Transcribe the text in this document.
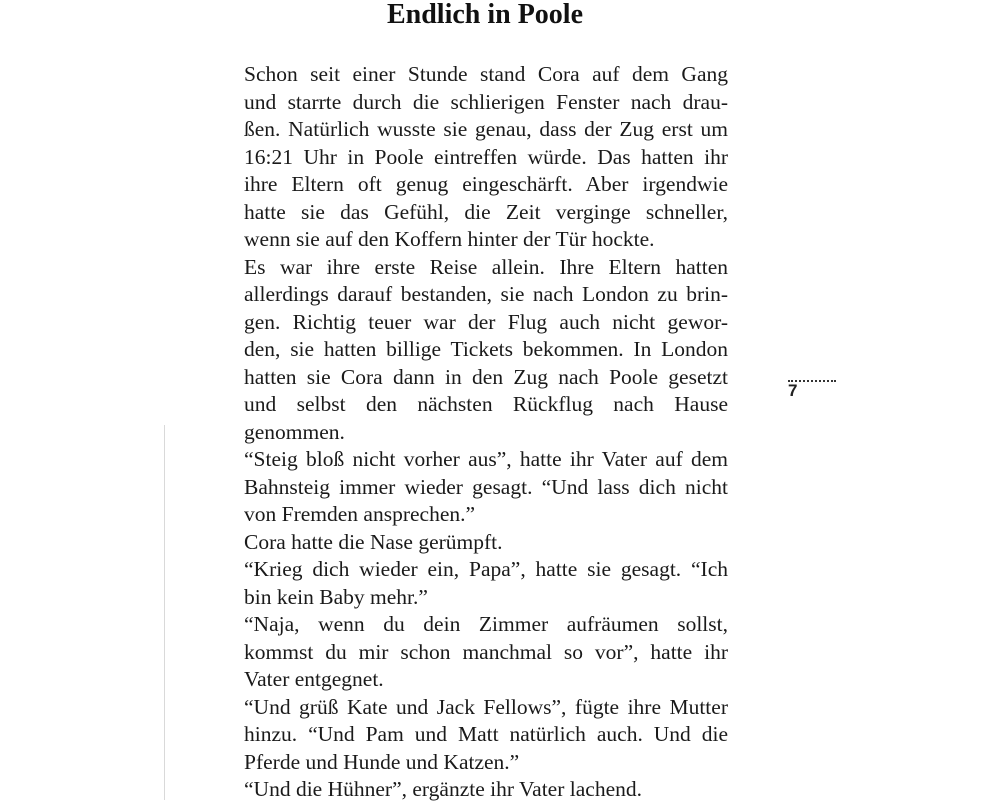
Endlich in Poole
Schon seit einer Stunde stand Cora auf dem Gang
und starrte durch die schlierigen Fenster nach drau-
ßen. Natürlich wusste sie genau, dass der Zug erst um
16:21 Uhr in Poole eintreffen würde. Das hatten ihr
ihre Eltern oft genug eingeschärft. Aber irgendwie
hatte sie das Gefühl, die Zeit verginge schneller,
wenn sie auf den Koffern hinter der Tür hockte.
Es war ihre erste Reise allein. Ihre Eltern hatten
allerdings darauf bestanden, sie nach London zu brin-
gen. Richtig teuer war der Flug auch nicht gewor-
den, sie hatten billige Tickets bekommen. In London
hatten sie Cora dann in den Zug nach Poole gesetzt
und selbst den nächsten Rückflug nach Hause
genommen.
“Steig bloß nicht vorher aus”, hatte ihr Vater auf dem
Bahnsteig immer wieder gesagt. “Und lass dich nicht
von Fremden ansprechen.”
Cora hatte die Nase gerümpft.
“Krieg dich wieder ein, Papa”, hatte sie gesagt. “Ich
bin kein Baby mehr.”
“Naja, wenn du dein Zimmer aufräumen sollst,
kommst du mir schon manchmal so vor”, hatte ihr
Vater entgegnet.
“Und grüß Kate und Jack Fellows”, fügte ihre Mutter
hinzu. “Und Pam und Matt natürlich auch. Und die
Pferde und Hunde und Katzen.”
“Und die Hühner”, ergänzte ihr Vater lachend.
7
